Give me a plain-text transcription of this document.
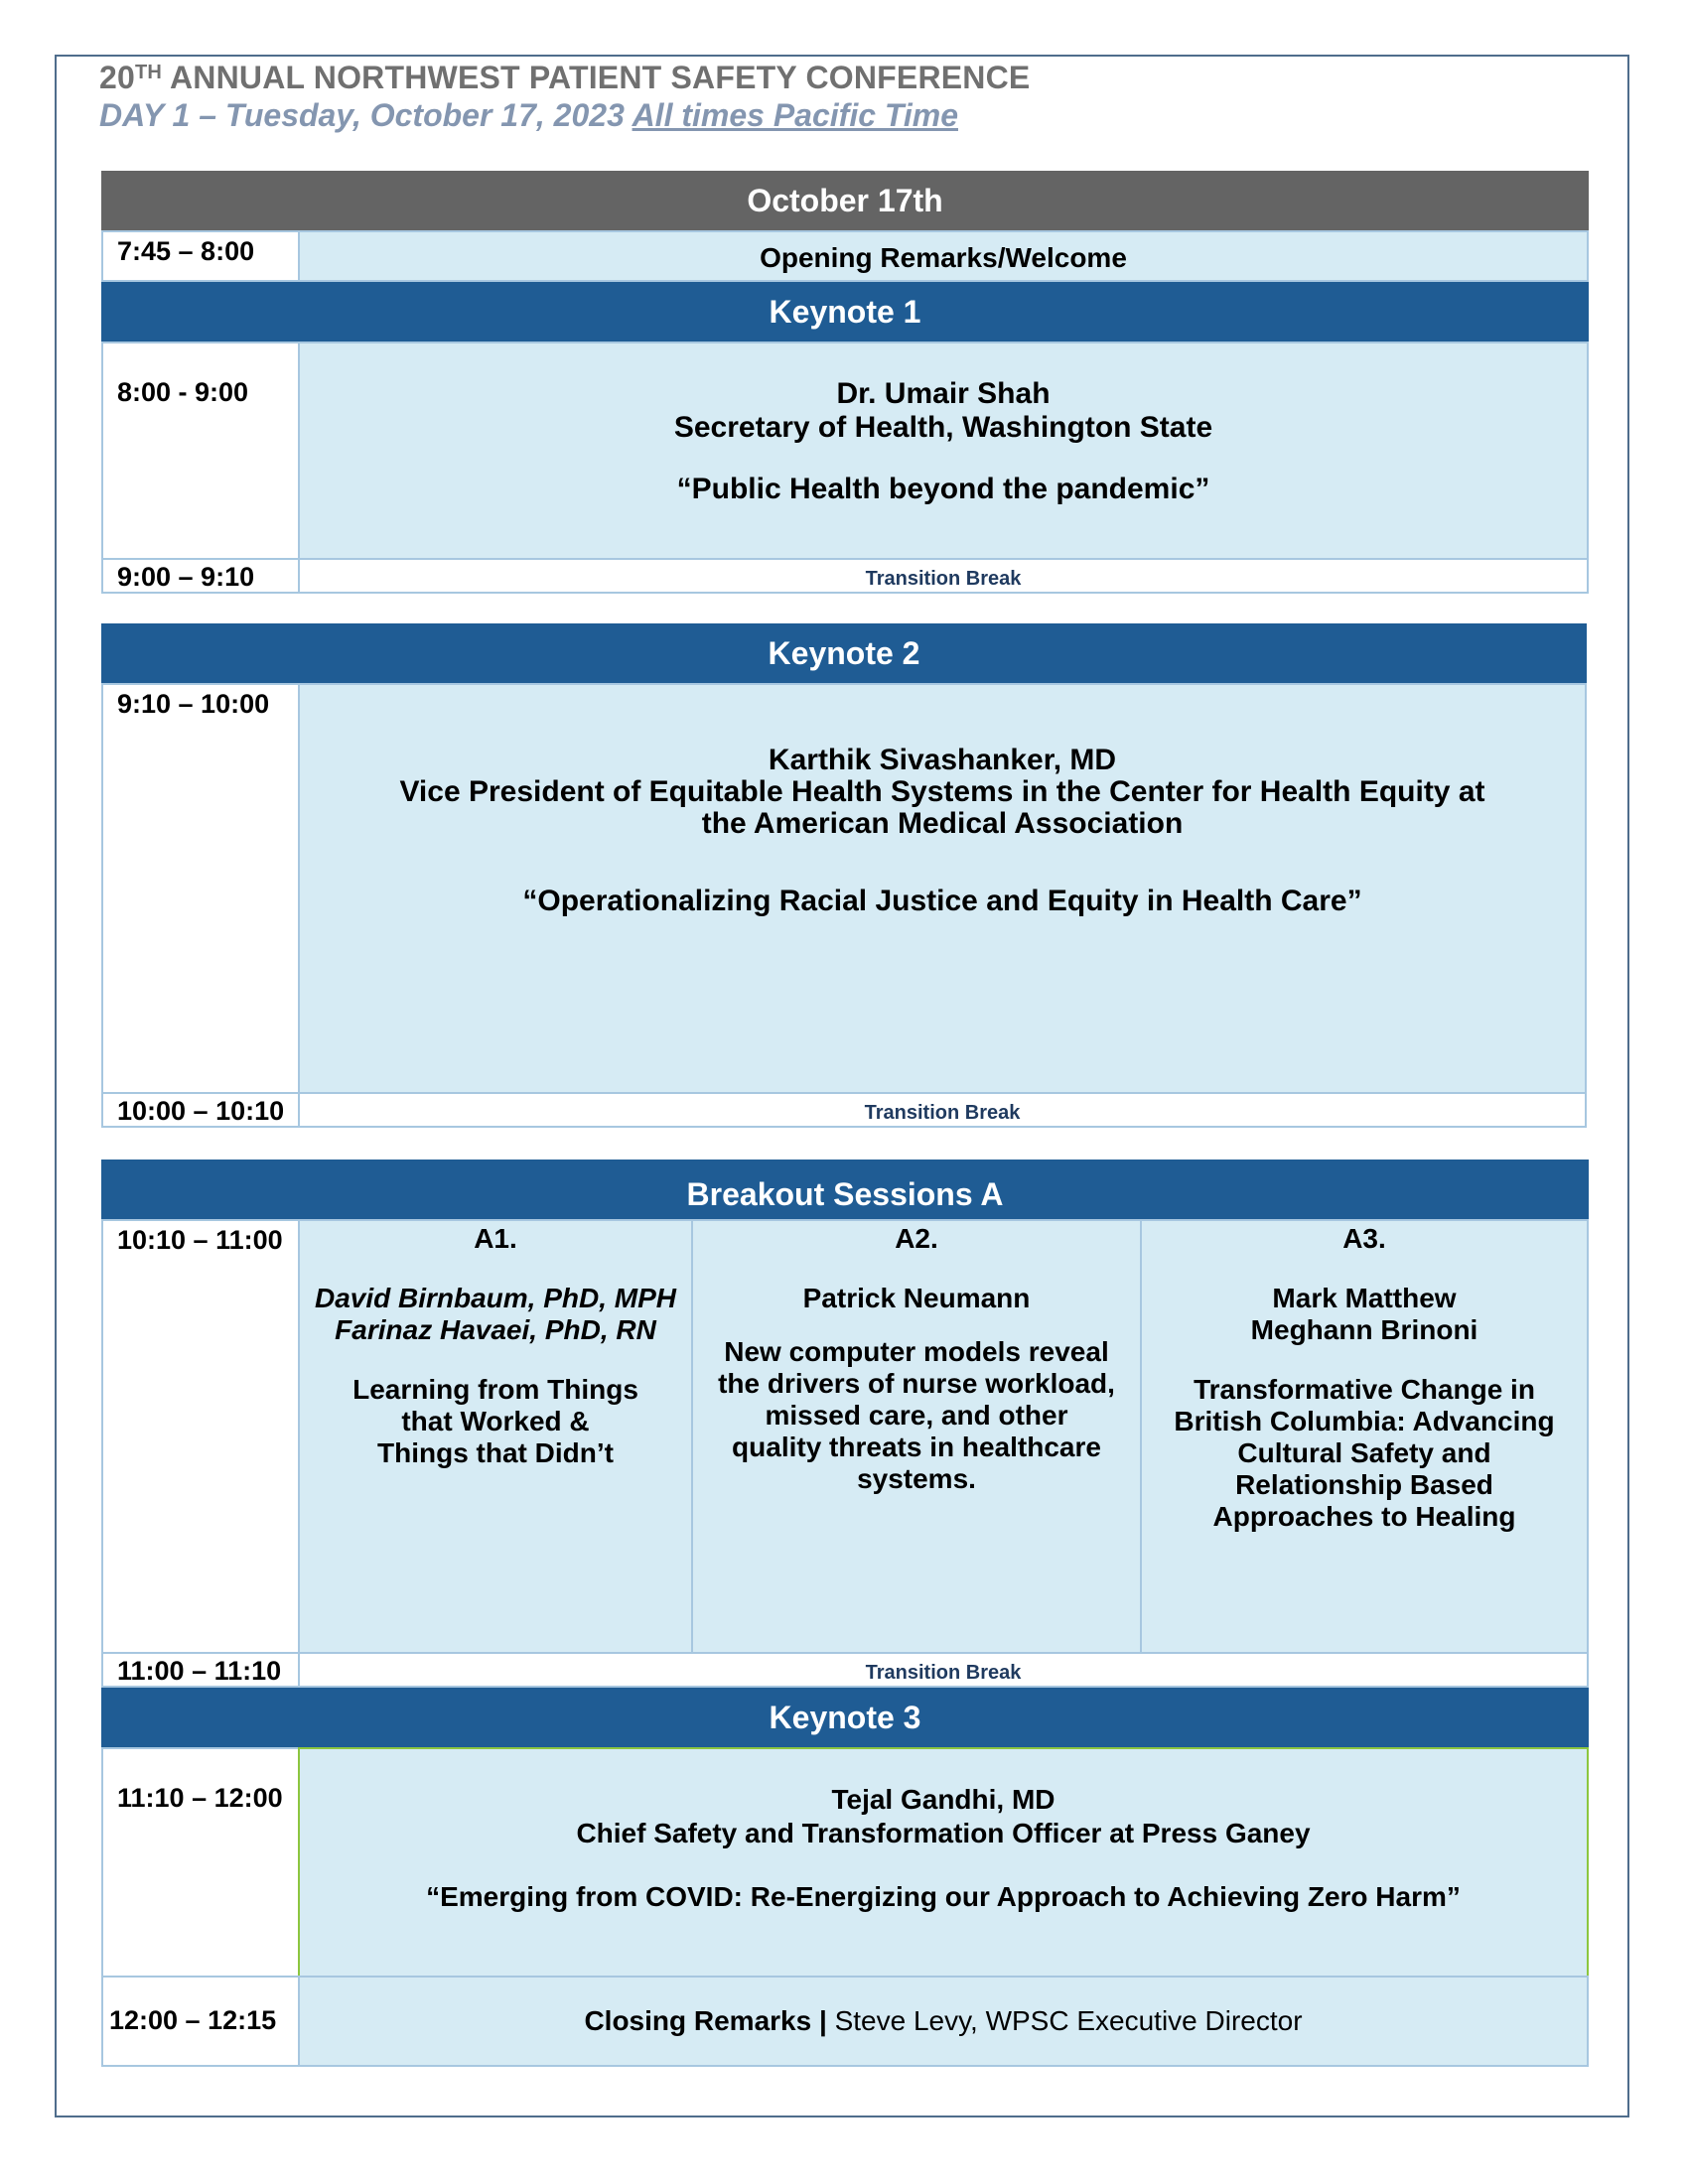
20TH ANNUAL NORTHWEST PATIENT SAFETY CONFERENCE
DAY 1 – Tuesday, October 17, 2023 All times Pacific Time
October 17th
7:45 – 8:00	Opening Remarks/Welcome
Keynote 1
8:00 - 9:00	Dr. Umair Shah

Secretary of Health, Washington State

“Public Health beyond the pandemic”

9:00 – 9:10	Transition Break
Keynote 2
9:10 – 10:00

Karthik Sivashanker, MD

Vice President of Equitable Health Systems in the Center for Health Equity at

the American Medical Association

“Operationalizing Racial Justice and Equity in Health Care”

10:00 – 10:10	Transition Break
Breakout Sessions A
10:10 – 11:00	A1.

David Birnbaum, PhD, MPH

Farinaz Havaei, PhD, RN

Learning from Things

that Worked &

Things that Didn’t

A2.

Patrick Neumann

New computer models reveal

the drivers of nurse workload,

missed care, and other

quality threats in healthcare

systems.

A3.

Mark Matthew

Meghann Brinoni

Transformative Change in

British Columbia: Advancing

Cultural Safety and

Relationship Based

Approaches to Healing

11:00 – 11:10	Transition Break
Keynote 3
11:10 – 12:00	Tejal Gandhi, MD

Chief Safety and Transformation Officer at Press Ganey

“Emerging from COVID: Re-Energizing our Approach to Achieving Zero Harm”

12:00 – 12:15	Closing Remarks | Steve Levy, WPSC Executive Director
